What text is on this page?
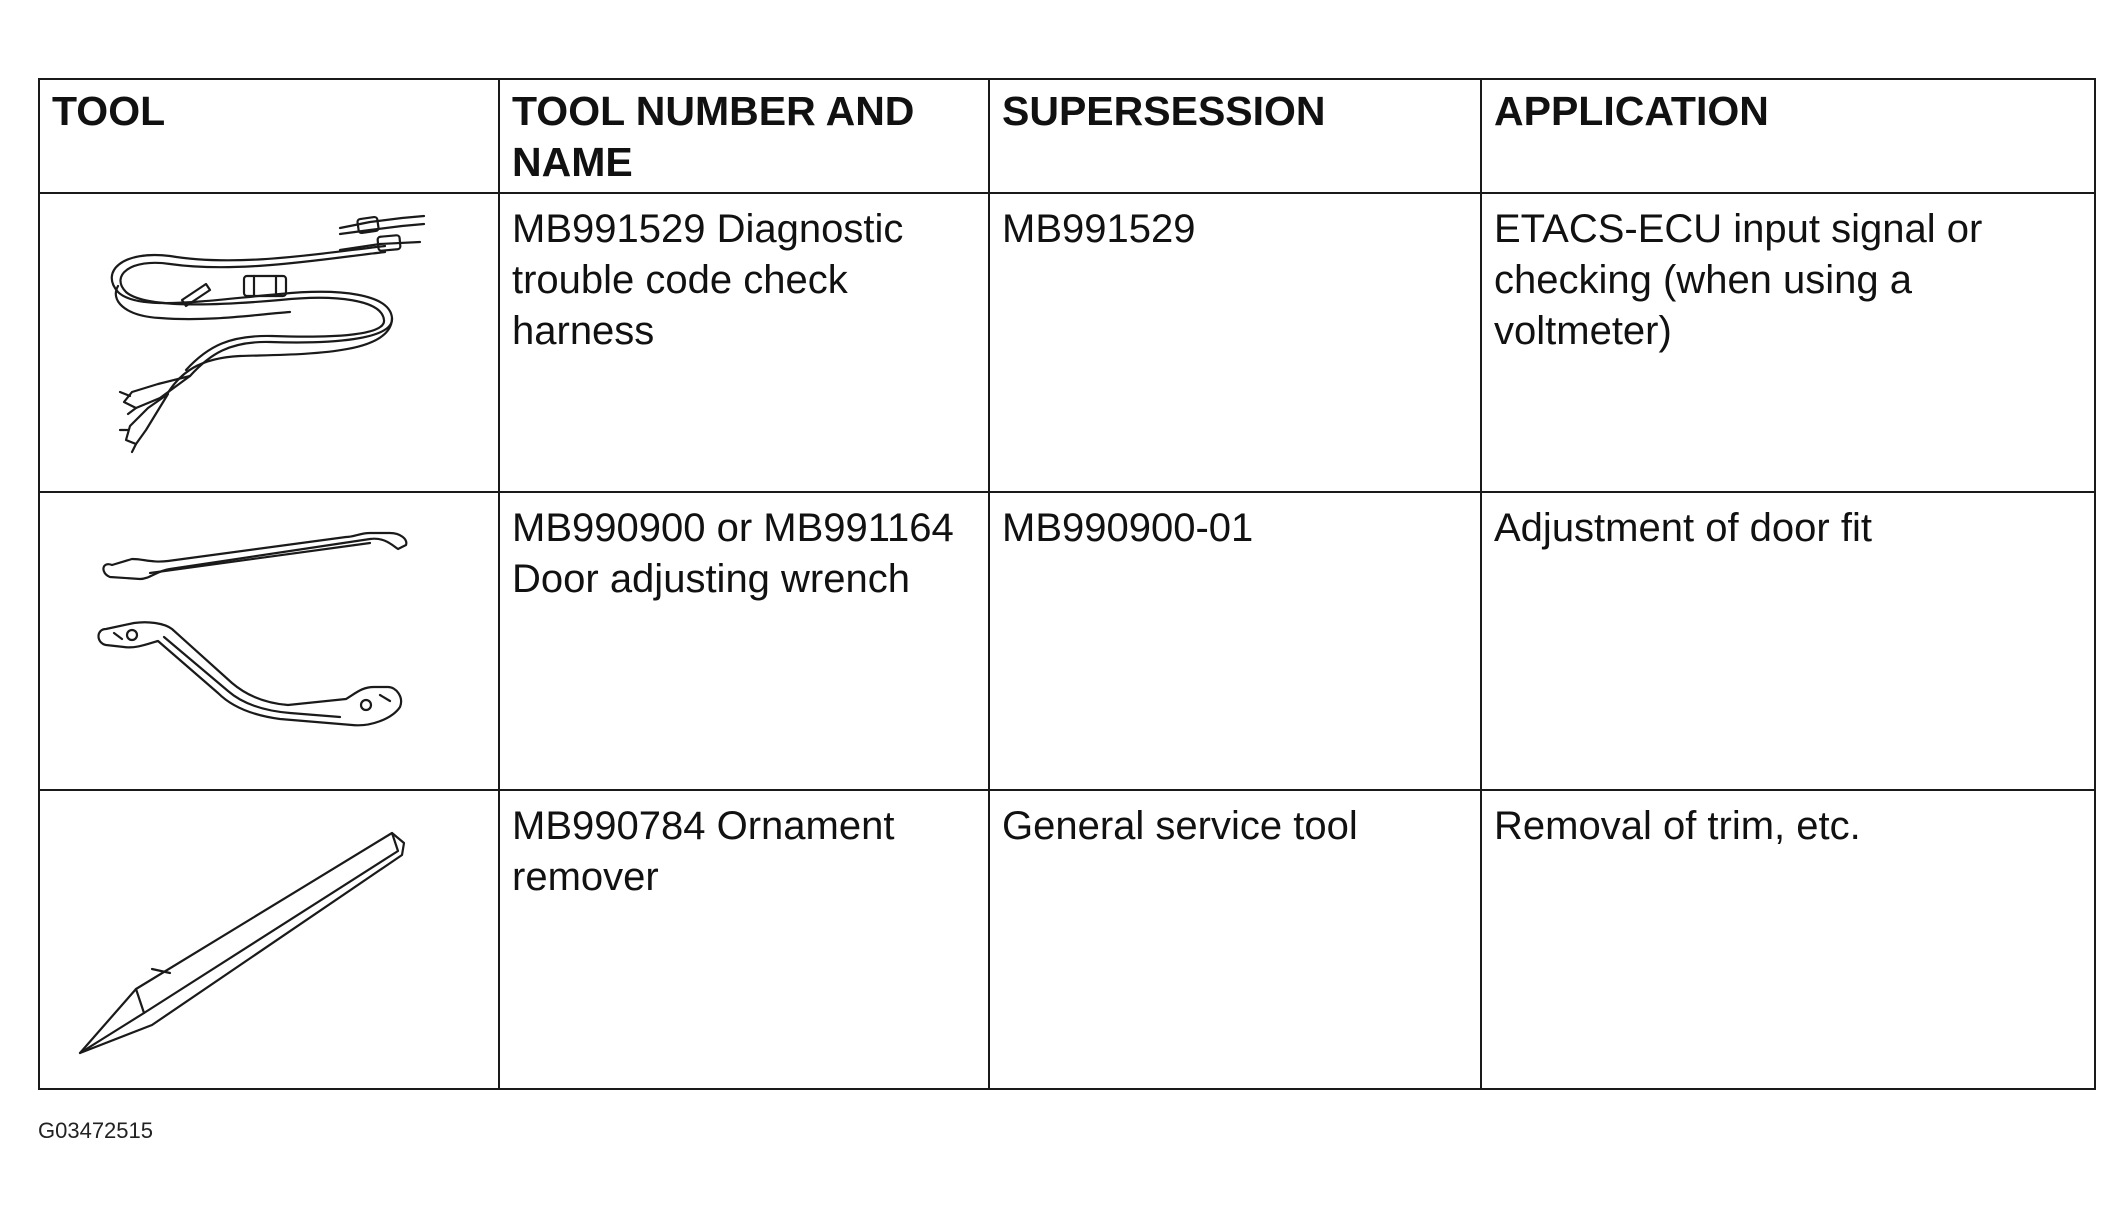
TOOL	TOOL NUMBER AND NAME	SUPERSESSION	APPLICATION

	MB991529 Diagnostic trouble code check harness	MB991529	ETACS-ECU input signal or checking (when using a voltmeter)

	MB990900 or MB991164 Door adjusting wrench	MB990900-01	Adjustment of door fit

	MB990784 Ornament remover	General service tool	Removal of trim, etc.
G03472515
